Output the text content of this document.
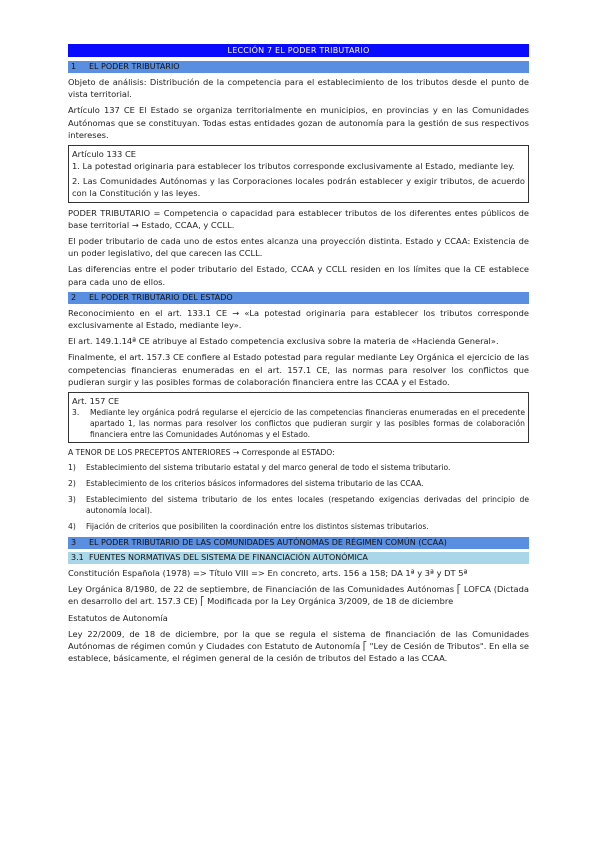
LECCIÓN 7 EL PODER TRIBUTARIO
1	EL PODER TRIBUTARIO

Objeto de análisis: Distribución de la competencia para el establecimiento de los tributos desde el punto de vista territorial.

Artículo 137 CE El Estado se organiza territorialmente en municipios, en provincias y en las Comunidades Autónomas que se constituyan. Todas estas entidades gozan de autonomía para la gestión de sus respectivos intereses.

Artículo 133 CE

1. La potestad originaria para establecer los tributos corresponde exclusivamente al Estado, mediante ley.

2. Las Comunidades Autónomas y las Corporaciones locales podrán establecer y exigir tributos, de acuerdo con la Constitución y las leyes.

PODER TRIBUTARIO = Competencia o capacidad para establecer tributos de los diferentes entes públicos de base territorial → Estado, CCAA, y CCLL.

El poder tributario de cada uno de estos entes alcanza una proyección distinta. Estado y CCAA: Existencia de un poder legislativo, del que carecen las CCLL.

Las diferencias entre el poder tributario del Estado, CCAA y CCLL residen en los límites que la CE establece para cada uno de ellos.

2	EL PODER TRIBUTARIO DEL ESTADO

Reconocimiento en el art. 133.1 CE → «La potestad originaria para establecer los tributos corresponde exclusivamente al Estado, mediante ley».

El art. 149.1.14ª CE atribuye al Estado competencia exclusiva sobre la materia de «Hacienda General».

Finalmente, el art. 157.3 CE confiere al Estado potestad para regular mediante Ley Orgánica el ejercicio de las competencias financieras enumeradas en el art. 157.1 CE, las normas para resolver los conflictos que pudieran surgir y las posibles formas de colaboración financiera entre las CCAA y el Estado.

Art. 157 CE
3.	Mediante ley orgánica podrá regularse el ejercicio de las competencias financieras enumeradas en el precedente apartado 1, las normas para resolver los conflictos que pudieran surgir y las posibles formas de colaboración financiera entre las Comunidades Autónomas y el Estado.

A TENOR DE LOS PRECEPTOS ANTERIORES → Corresponde al ESTADO:

1)	Establecimiento del sistema tributario estatal y del marco general de todo el sistema tributario.
2)	Establecimiento de los criterios básicos informadores del sistema tributario de las CCAA.
3)	Establecimiento del sistema tributario de los entes locales (respetando exigencias derivadas del principio de autonomía local).
4)	Fijación de criterios que posibiliten la coordinación entre los distintos sistemas tributarios.
3	EL PODER TRIBUTARIO DE LAS COMUNIDADES AUTÓNOMAS DE RÉGIMEN COMÚN (CCAA)
3.1 FUENTES NORMATIVAS DEL SISTEMA DE FINANCIACIÓN AUTONÓMICA

Constitución Española (1978) => Título VIII => En concreto, arts. 156 a 158; DA 1ª y 3ª y DT 5ª

Ley Orgánica 8/1980, de 22 de septiembre, de Financiación de las Comunidades Autónomas ⎡ LOFCA (Dictada en desarrollo del art. 157.3 CE) ⎡ Modificada por la Ley Orgánica 3/2009, de 18 de diciembre

Estatutos de Autonomía

Ley 22/2009, de 18 de diciembre, por la que se regula el sistema de financiación de las Comunidades Autónomas de régimen común y Ciudades con Estatuto de Autonomía ⎡ "Ley de Cesión de Tributos". En ella se establece, básicamente, el régimen general de la cesión de tributos del Estado a las CCAA.
